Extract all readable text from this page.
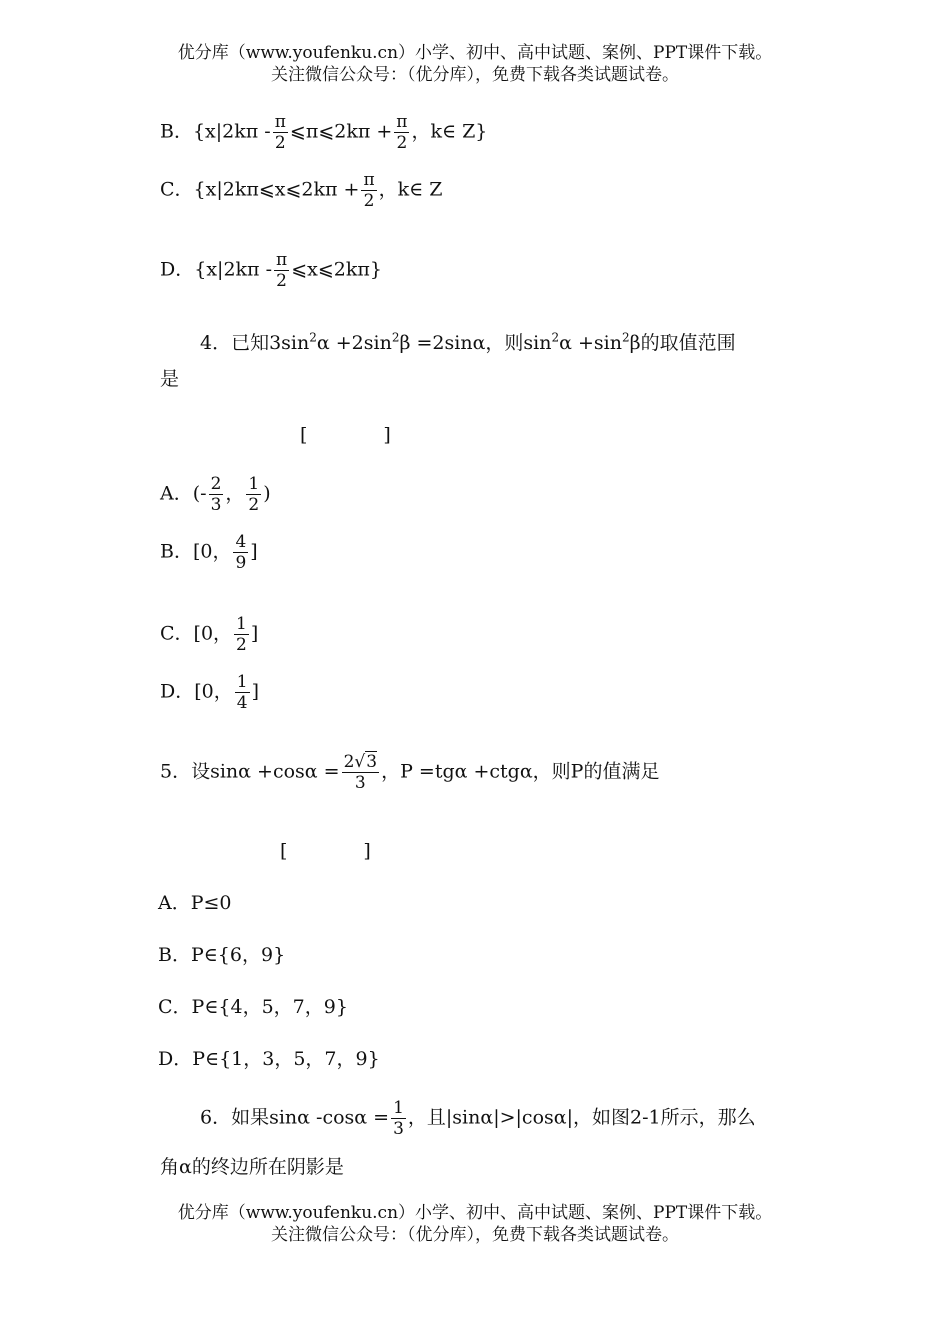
优分库（www.youfenku.cn）小学、初中、高中试题、案例、PPT课件下载。
关注微信公众号：（优分库），免费下载各类试题试卷。
B．{$x|2k\pi - \frac{\pi}{2}$ ⩽π⩽2kπ + $\frac{\pi}{2}$ ，k∈ Z}
C．{x|2kπ⩽x⩽2kπ + $\frac{\pi}{2}$ ，k∈ Z
D．{$x|2k\pi - \frac{\pi}{2}$ ⩽x⩽2kπ}
4．已知$3\sin^2\alpha +2\sin^2\beta =2\sin\alpha$，则$\sin^2\alpha +\sin^2\beta$的取值范围
是
[　　　　]
A．(- $\frac{2}{3}$ ， $\frac{1}{2}$ )
B．[0， $\frac{4}{9}$ ]
C．[0， $\frac{1}{2}$ ]
D．[0， $\frac{1}{4}$ ]
5．设$\sin\alpha +\cos\alpha = \frac{2√3}{3}$ ，P =tgα +ctgα，则P的值满足
[　　　　]
A．P≤0
B．P∈{6，9}
C．P∈{4，5，7，9}
D．P∈{1，3，5，7，9}
6．如果sinα $-\cos\alpha = \frac{1}{3}$ ，且|sinα|>|cosα|，如图2-1所示，那么
角α的终边所在阴影是
优分库（www.youfenku.cn）小学、初中、高中试题、案例、PPT课件下载。
关注微信公众号：（优分库），免费下载各类试题试卷。
